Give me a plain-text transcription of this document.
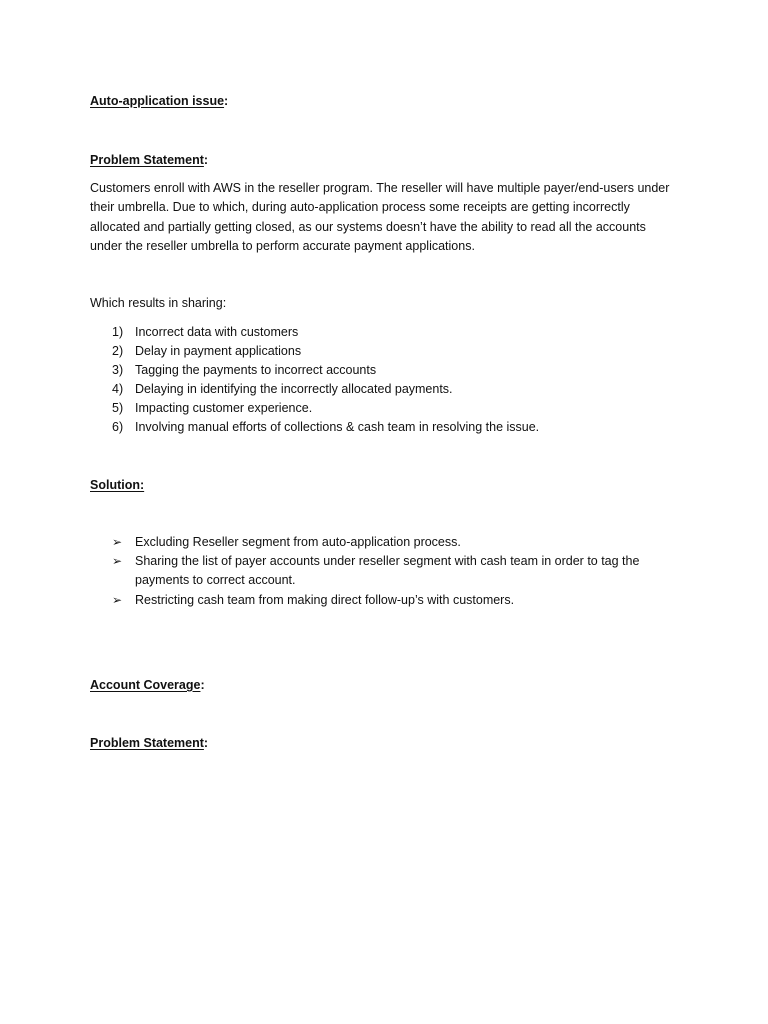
Auto-application issue:
Problem Statement:
Customers enroll with AWS in the reseller program. The reseller will have multiple payer/end-users under their umbrella. Due to which, during auto-application process some receipts are getting incorrectly allocated and partially getting closed, as our systems doesn’t have the ability to read all the accounts under the reseller umbrella to perform accurate payment applications.
Which results in sharing:
1) Incorrect data with customers
2) Delay in payment applications
3) Tagging the payments to incorrect accounts
4) Delaying in identifying the incorrectly allocated payments.
5) Impacting customer experience.
6) Involving manual efforts of collections & cash team in resolving the issue.
Solution:
➢ Excluding Reseller segment from auto-application process.
➢ Sharing the list of payer accounts under reseller segment with cash team in order to tag the payments to correct account.
➢ Restricting cash team from making direct follow-up’s with customers.
Account Coverage:
Problem Statement:
